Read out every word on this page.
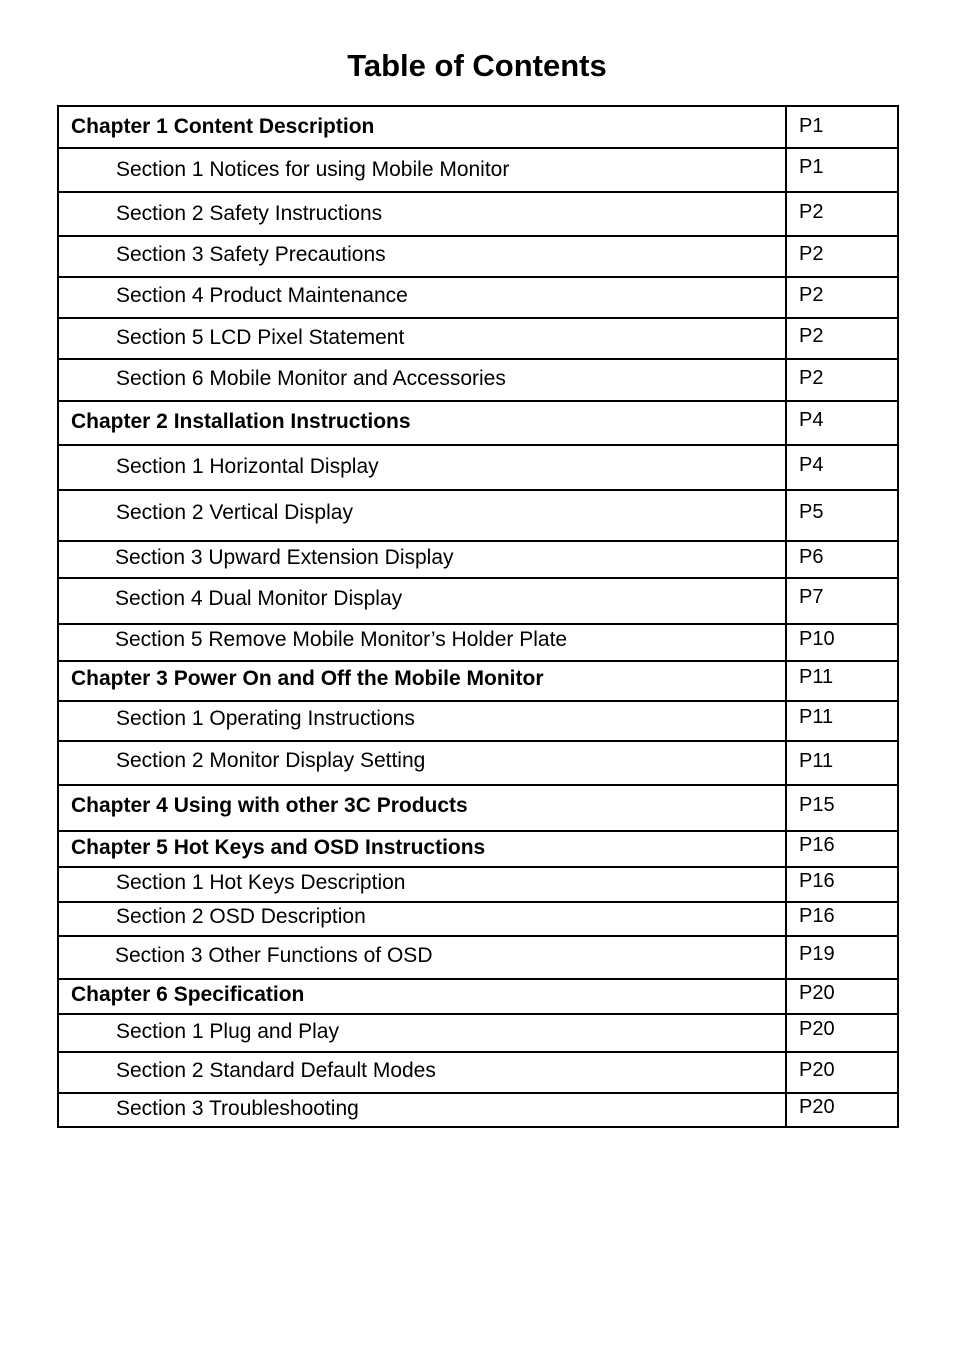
Table of Contents
Chapter 1 Content Description	P1

Section 1 Notices for using Mobile Monitor	P1

Section 2 Safety Instructions	P2

Section 3 Safety Precautions	P2

Section 4 Product Maintenance	P2

Section 5 LCD Pixel Statement	P2

Section 6 Mobile Monitor and Accessories	P2

Chapter 2 Installation Instructions	P4

Section 1 Horizontal Display	P4

Section 2 Vertical Display	P5

Section 3 Upward Extension Display	P6

Section 4 Dual Monitor Display	P7

Section 5 Remove Mobile Monitor’s Holder Plate	P10

Chapter 3 Power On and Off the Mobile Monitor	P11

Section 1 Operating Instructions	P11

Section 2 Monitor Display Setting	P11

Chapter 4 Using with other 3C Products	P15

Chapter 5 Hot Keys and OSD Instructions	P16

Section 1 Hot Keys Description	P16

Section 2 OSD Description	P16

Section 3 Other Functions of OSD	P19

Chapter 6 Specification	P20

Section 1 Plug and Play	P20

Section 2 Standard Default Modes	P20

Section 3 Troubleshooting	P20
